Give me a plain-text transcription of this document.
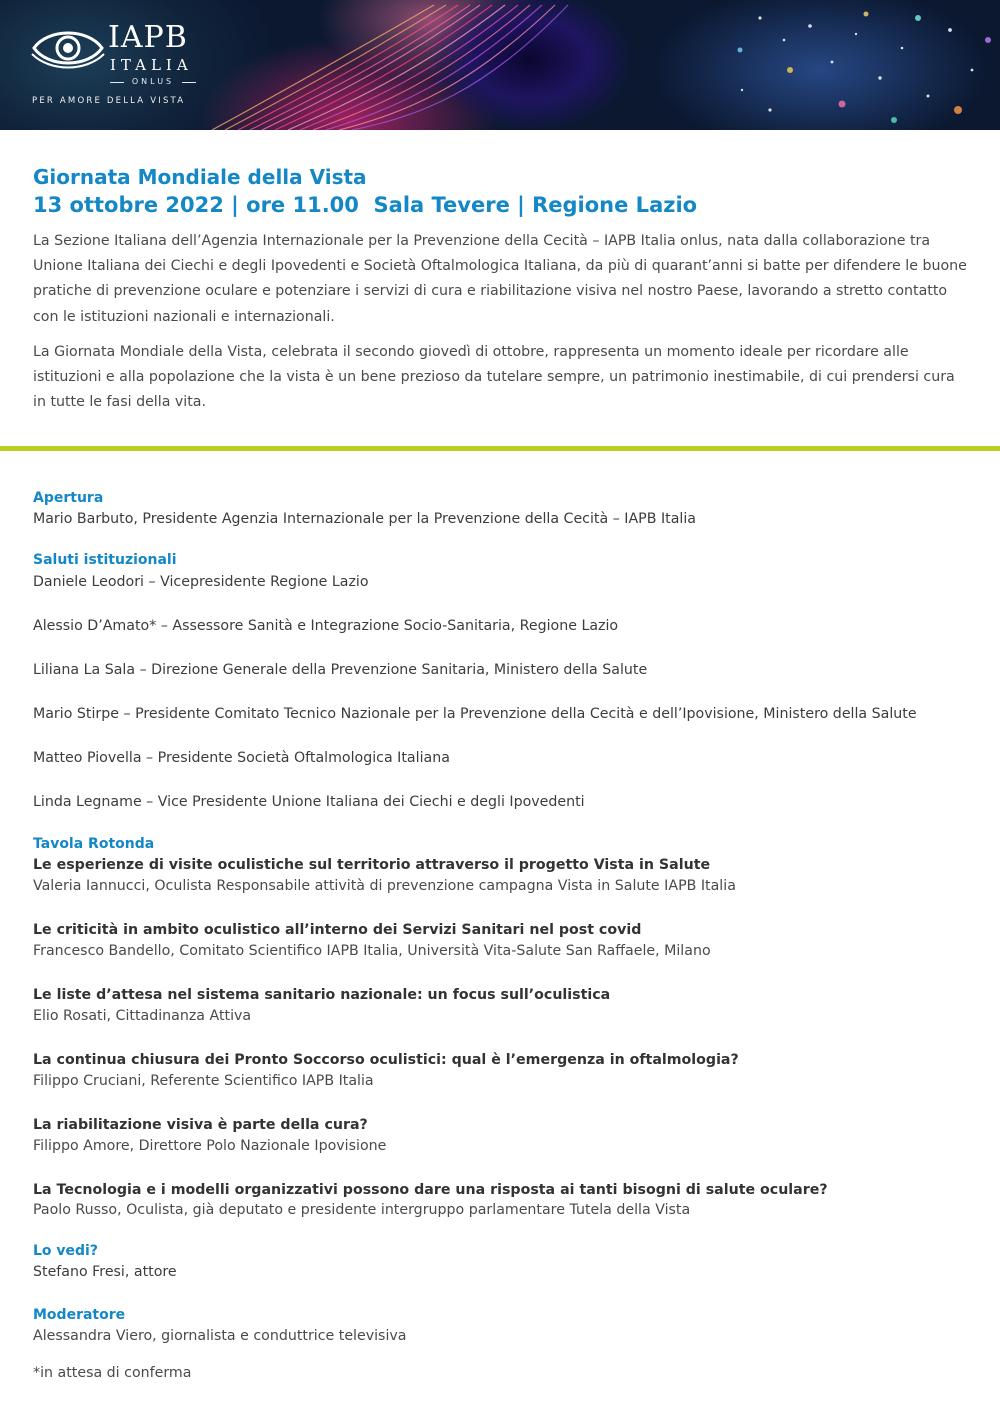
IAPB
ITALIA
ONLUS
PER AMORE DELLA VISTA
Giornata Mondiale della Vista
13 ottobre 2022 | ore 11.00  Sala Tevere | Regione Lazio

La Sezione Italiana dell’Agenzia Internazionale per la Prevenzione della Cecità – IAPB Italia onlus, nata dalla collaborazione tra Unione Italiana dei Ciechi e degli Ipovedenti e Società Oftalmologica Italiana, da più di quarant’anni si batte per difendere le buone pratiche di prevenzione oculare e potenziare i servizi di cura e riabilitazione visiva nel nostro Paese, lavorando a stretto contatto con le istituzioni nazionali e internazionali.

La Giornata Mondiale della Vista, celebrata il secondo giovedì di ottobre, rappresenta un momento ideale per ricordare alle istituzioni e alla popolazione che la vista è un bene prezioso da tutelare sempre, un patrimonio inestimabile, di cui prendersi cura in tutte le fasi della vita.

Apertura

Mario Barbuto, Presidente Agenzia Internazionale per la Prevenzione della Cecità – IAPB Italia

Saluti istituzionali

Daniele Leodori – Vicepresidente Regione Lazio

Alessio D’Amato* – Assessore Sanità e Integrazione Socio-Sanitaria, Regione Lazio

Liliana La Sala – Direzione Generale della Prevenzione Sanitaria, Ministero della Salute

Mario Stirpe – Presidente Comitato Tecnico Nazionale per la Prevenzione della Cecità e dell’Ipovisione, Ministero della Salute

Matteo Piovella – Presidente Società Oftalmologica Italiana

Linda Legname – Vice Presidente Unione Italiana dei Ciechi e degli Ipovedenti

Tavola Rotonda

Le esperienze di visite oculistiche sul territorio attraverso il progetto Vista in Salute

Valeria Iannucci, Oculista Responsabile attività di prevenzione campagna Vista in Salute IAPB Italia

Le criticità in ambito oculistico all’interno dei Servizi Sanitari nel post covid

Francesco Bandello, Comitato Scientifico IAPB Italia, Università Vita-Salute San Raffaele, Milano

Le liste d’attesa nel sistema sanitario nazionale: un focus sull’oculistica

Elio Rosati, Cittadinanza Attiva

La continua chiusura dei Pronto Soccorso oculistici: qual è l’emergenza in oftalmologia?

Filippo Cruciani, Referente Scientifico IAPB Italia

La riabilitazione visiva è parte della cura?

Filippo Amore, Direttore Polo Nazionale Ipovisione

La Tecnologia e i modelli organizzativi possono dare una risposta ai tanti bisogni di salute oculare?

Paolo Russo, Oculista, già deputato e presidente intergruppo parlamentare Tutela della Vista

Lo vedi?

Stefano Fresi, attore

Moderatore

Alessandra Viero, giornalista e conduttrice televisiva

*in attesa di conferma
